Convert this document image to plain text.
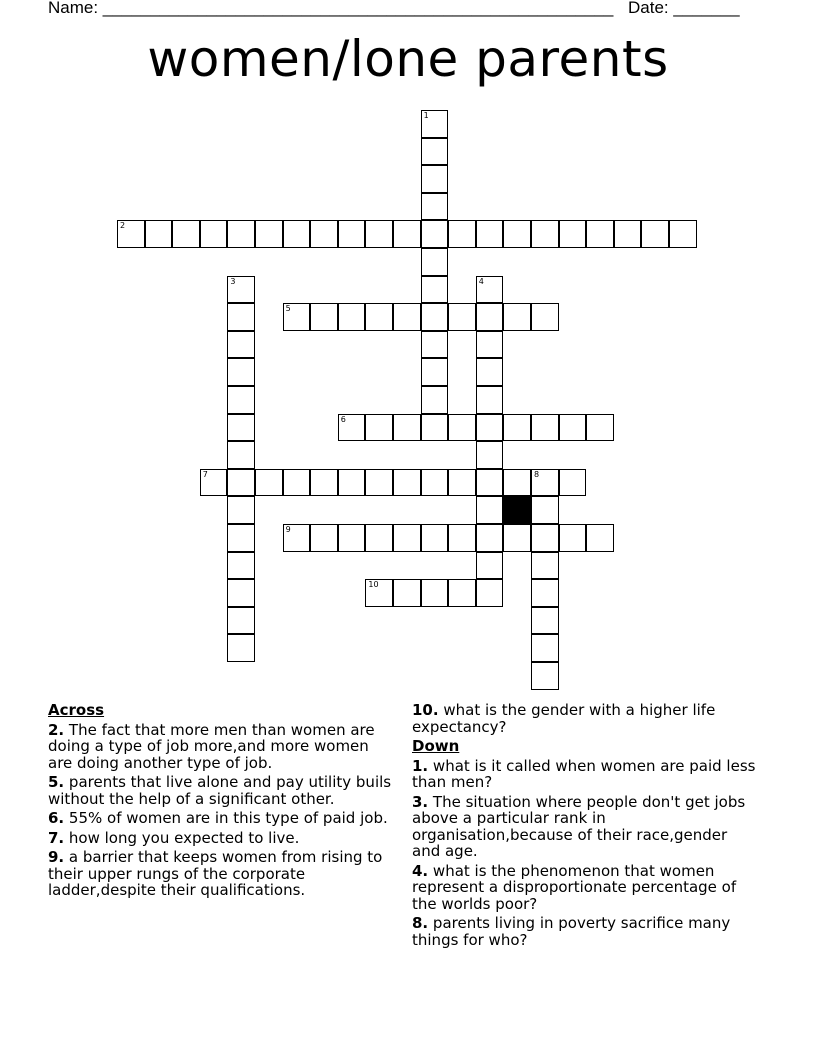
Name: ______________________________________________________ Date: _______
women/lone parents
1
2
3	4
5
6
7	8
9
10
Across
2. The fact that more men than women are doing a type of job more,and more women are doing another type of job.
5. parents that live alone and pay utility buils without the help of a significant other.
6. 55% of women are in this type of paid job.
7. how long you expected to live.
9. a barrier that keeps women from rising to their upper rungs of the corporate ladder,despite their qualifications.
10. what is the gender with a higher life expectancy?
Down
1. what is it called when women are paid less than men?
3. The situation where people don't get jobs above a particular rank in organisation,because of their race,gender and age.
4. what is the phenomenon that women represent a disproportionate percentage of the worlds poor?
8. parents living in poverty sacrifice many things for who?
